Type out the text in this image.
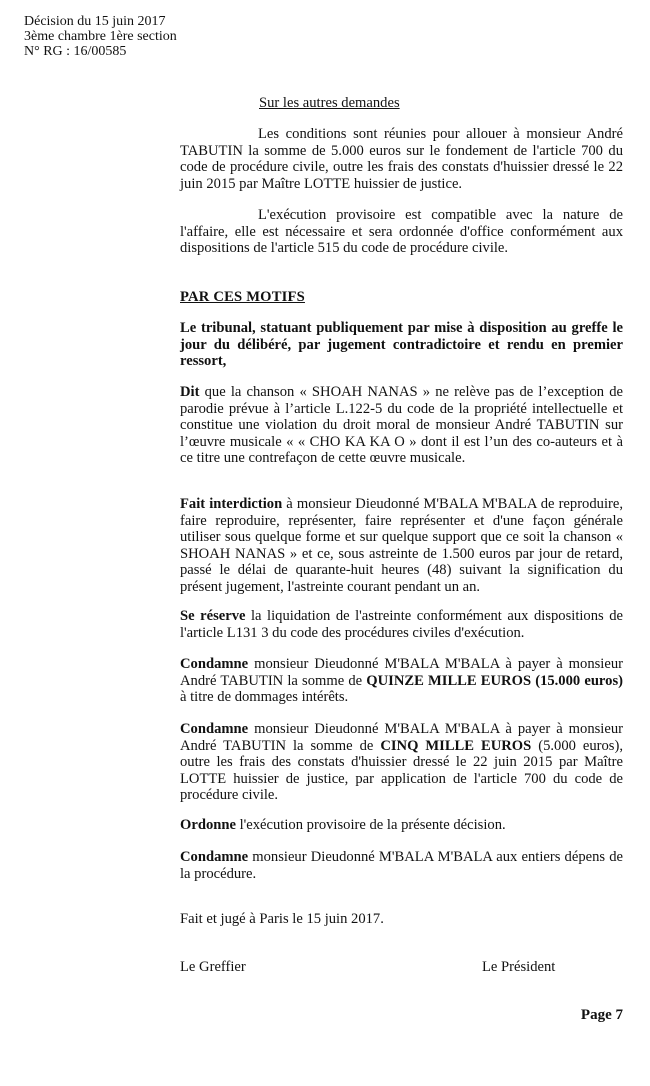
Décision du 15 juin 2017
3ème chambre 1ère section
N° RG : 16/00585
Sur les autres demandes
Les conditions sont réunies pour allouer à monsieur André TABUTIN la somme de 5.000 euros sur le fondement de l'article 700 du code de procédure civile, outre les frais des constats d'huissier dressé le 22 juin 2015 par Maître LOTTE huissier de justice.
L'exécution provisoire est compatible avec la nature de l'affaire, elle est nécessaire et sera ordonnée d'office conformément aux dispositions de l'article 515 du code de procédure civile.
PAR CES MOTIFS
Le tribunal, statuant publiquement par mise à disposition au greffe le jour du délibéré, par jugement contradictoire et rendu en premier ressort,
Dit que la chanson « SHOAH NANAS » ne relève pas de l’exception de parodie prévue à l’article L.122-5 du code de la propriété intellectuelle et constitue une violation du droit moral de monsieur André TABUTIN sur l’œuvre musicale « « CHO KA KA O » dont il est l’un des co-auteurs et à ce titre une contrefaçon de cette œuvre musicale.
Fait interdiction à monsieur Dieudonné M'BALA M'BALA de reproduire, faire reproduire, représenter, faire représenter et d'une façon générale utiliser sous quelque forme et sur quelque support que ce soit la chanson « SHOAH NANAS » et ce, sous astreinte de 1.500 euros par jour de retard, passé le délai de quarante-huit heures (48) suivant la signification du présent jugement, l'astreinte courant pendant un an.
Se réserve la liquidation de l'astreinte conformément aux dispositions de l'article L131 3 du code des procédures civiles d'exécution.
Condamne monsieur Dieudonné M'BALA M'BALA à payer à monsieur André TABUTIN la somme de QUINZE MILLE EUROS (15.000 euros) à titre de dommages intérêts.
Condamne monsieur Dieudonné M'BALA M'BALA à payer à monsieur André TABUTIN la somme de CINQ MILLE EUROS (5.000 euros), outre les frais des constats d'huissier dressé le 22 juin 2015 par Maître LOTTE huissier de justice, par application de l'article 700 du code de procédure civile.
Ordonne l'exécution provisoire de la présente décision.
Condamne monsieur Dieudonné M'BALA M'BALA aux entiers dépens de la procédure.
Fait et jugé à Paris le 15 juin 2017.
Le Greffier	Le Président
Page 7
